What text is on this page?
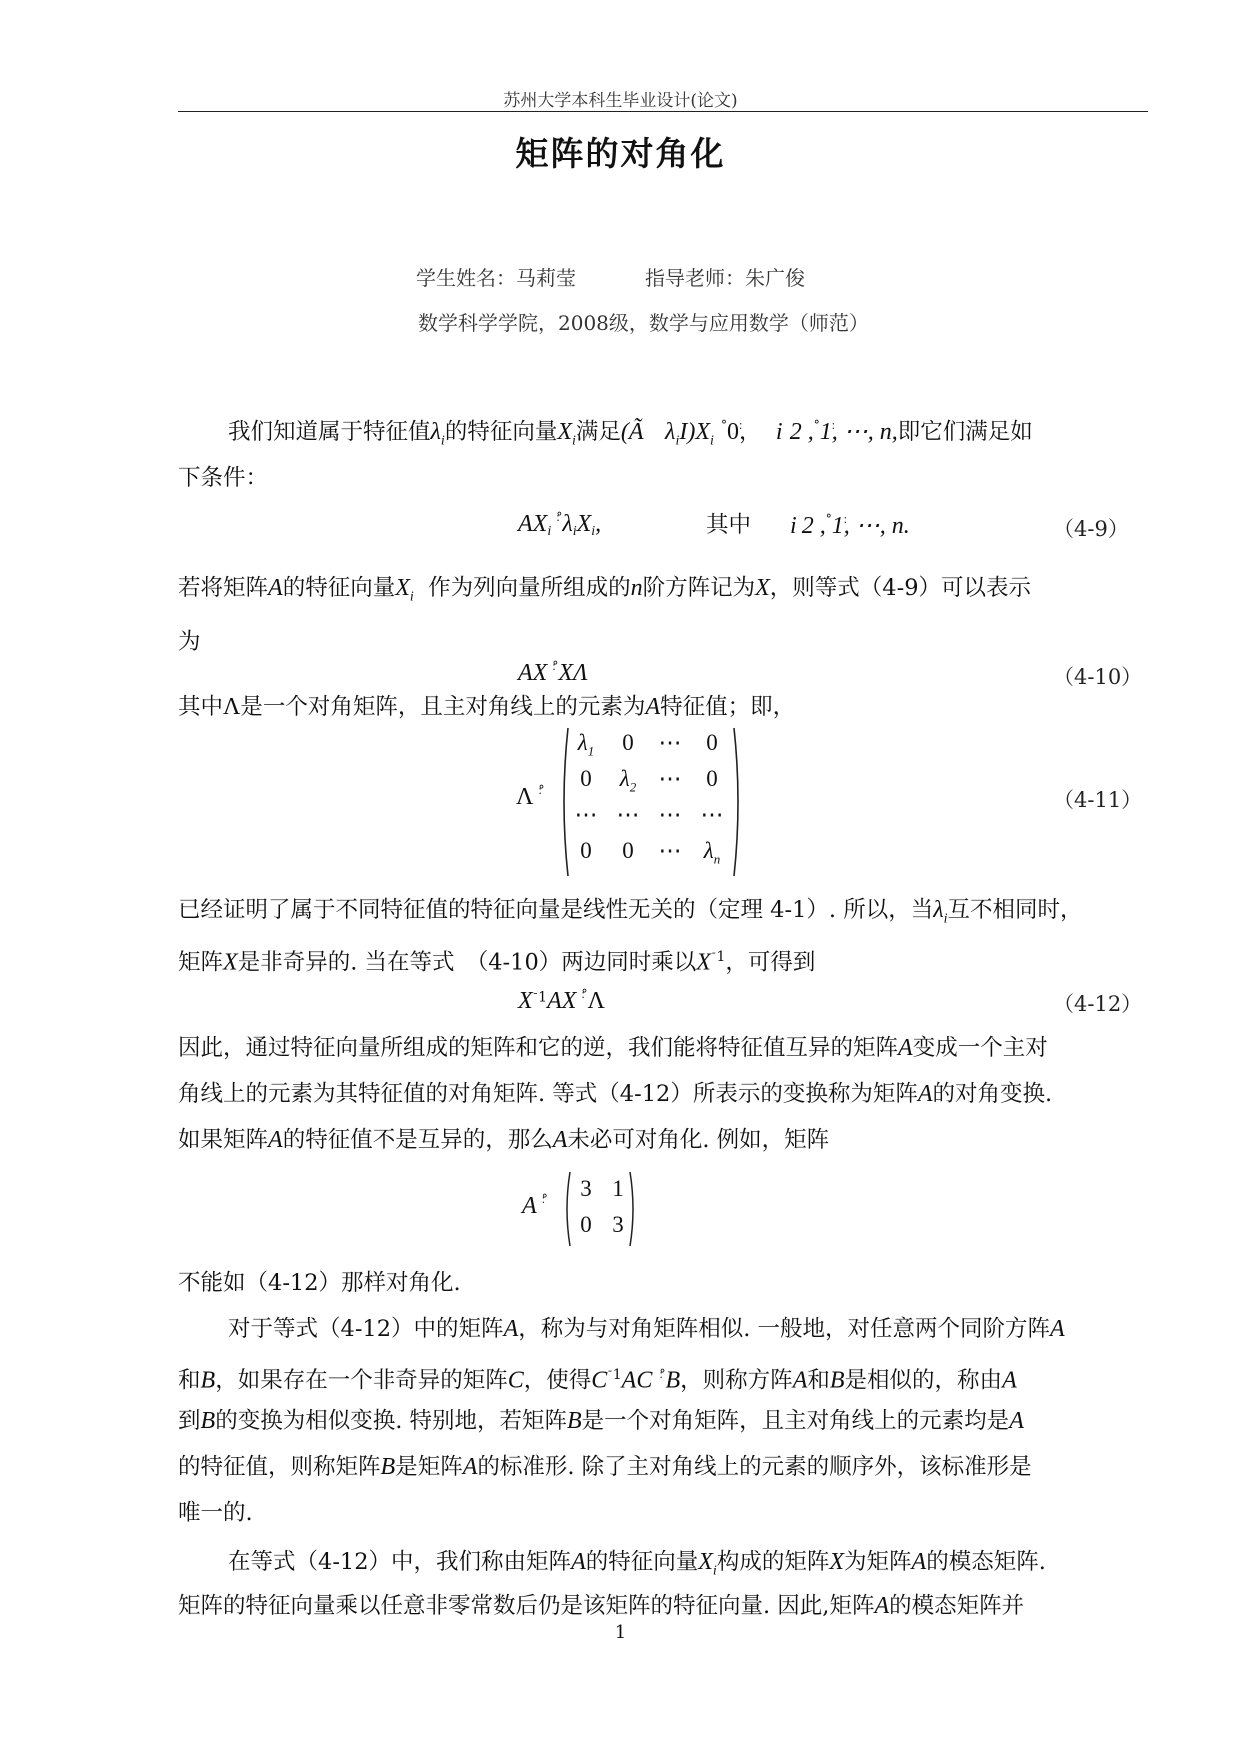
苏州大学本科生毕业设计(论文)
矩阵的对角化
学生姓名：马莉莹	指导老师：朱广俊
数学科学学院，2008级，数学与应用数学（师范）
我们知道属于特征值$\lambda_i$的特征向量$X_i$满足(Ã $\lambda_iI)X_i$ ׃°0， i	׃°1, 2, ⋯, n,即它们满足如
下条件：
$AX_i$ $^{׃^\circ}\lambda_iX_i$,	其中 i ׃°1, 2, ⋯, n.	（4-9）
若将矩阵A的特征向量$X_i$ 作为列向量所组成的n阶方阵记为X，则等式（4-9）可以表示
为
AX ׃°XΛ	（4-10）
其中Λ是一个对角矩阵，且主对角线上的元素为A特征值；即，
Λ ׃°
$\lambda_1$	0	⋯	0
0	$\lambda_2$ ⋯	0
⋯ ⋯ ⋯ ⋯
0	0	⋯ $\lambda_n$
（4-11）
已经证明了属于不同特征值的特征向量是线性无关的（定理 4-1）. 所以，当$\lambda_i$互不相同时，
矩阵X是非奇异的. 当在等式　（4-10）两边同时乘以$X^{ˉ1}$，可得到
$X^{ˉ1}AX$ ׃°Λ	（4-12）
因此，通过特征向量所组成的矩阵和它的逆，我们能将特征值互异的矩阵A变成一个主对
角线上的元素为其特征值的对角矩阵. 等式（4-12）所表示的变换称为矩阵A的对角变换.
如果矩阵A的特征值不是互异的，那么A未必可对角化. 例如，矩阵
A ׃°	3 1
0 3
不能如（4-12）那样对角化.
对于等式（4-12）中的矩阵A，称为与对角矩阵相似. 一般地，对任意两个同阶方阵A
和B，如果存在一个非奇异的矩阵C，使得$C^{ˉ1}AC$ ׃°B，则称方阵A和B是相似的，称由A
到B的变换为相似变换. 特别地，若矩阵B是一个对角矩阵，且主对角线上的元素均是A
的特征值，则称矩阵B是矩阵A的标准形. 除了主对角线上的元素的顺序外，该标准形是
唯一的.
在等式（4-12）中，我们称由矩阵A的特征向量$X_i$构成的矩阵X为矩阵A的模态矩阵.
矩阵的特征向量乘以任意非零常数后仍是该矩阵的特征向量. 因此,矩阵A的模态矩阵并
1
